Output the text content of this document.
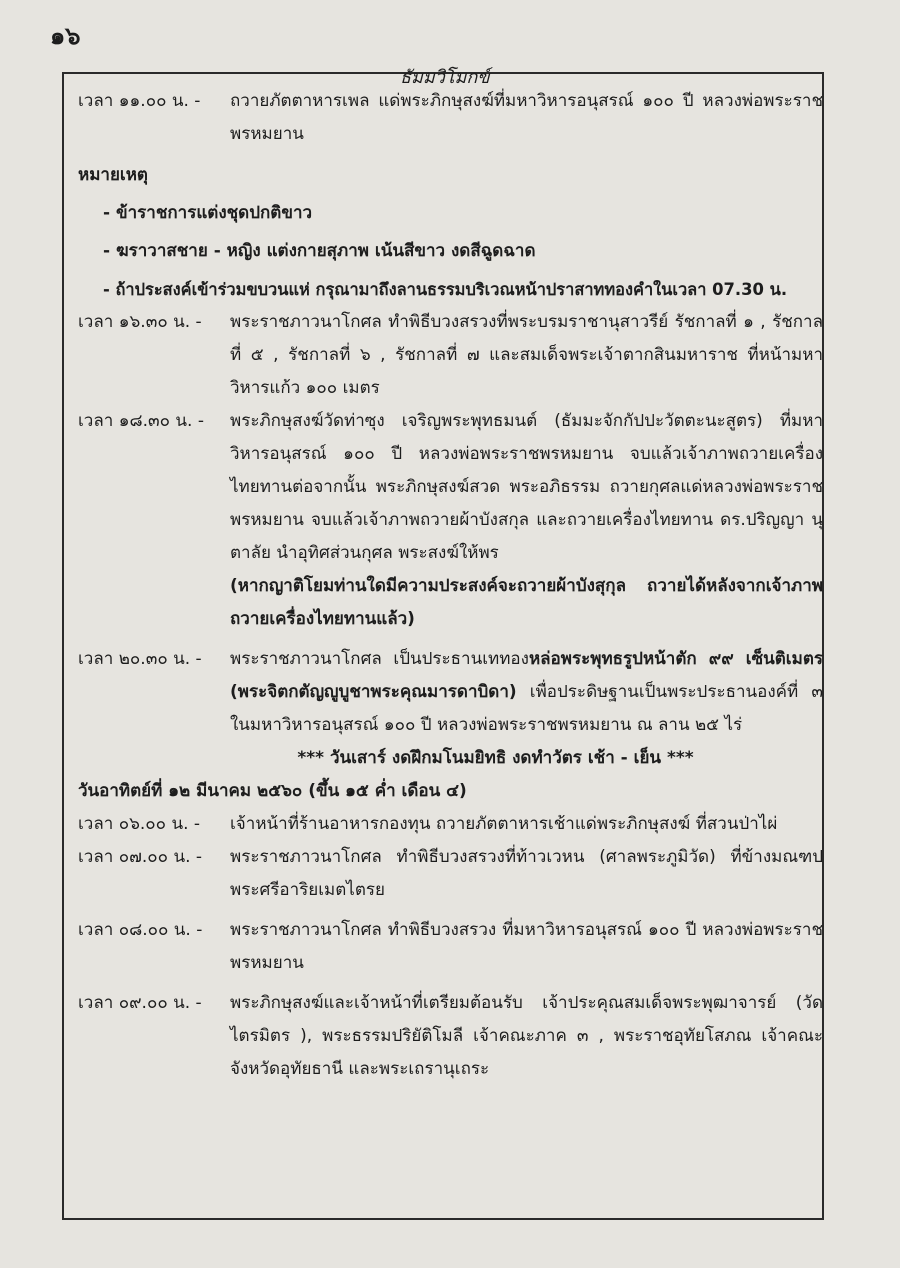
๑๖
ธัมมวิโมกข์
เวลา ๑๑.๐๐ น. -	ถวายภัตตาหารเพล แด่พระภิกษุสงฆ์ที่มหาวิหารอนุสรณ์ ๑๐๐ ปี หลวงพ่อพระราชพรหมยาน
หมายเหตุ
- ข้าราชการแต่งชุดปกติขาว
- ฆราวาสชาย - หญิง แต่งกายสุภาพ เน้นสีขาว งดสีฉูดฉาด
- ถ้าประสงค์เข้าร่วมขบวนแห่ กรุณามาถึงลานธรรมบริเวณหน้าปราสาททองคำในเวลา 07.30 น.
เวลา ๑๖.๓๐ น. -	พระราชภาวนาโกศล ทำพิธีบวงสรวงที่พระบรมราชานุสาวรีย์ รัชกาลที่ ๑ , รัชกาลที่ ๕ , รัชกาลที่ ๖ , รัชกาลที่ ๗ และสมเด็จพระเจ้าตากสินมหาราช ที่หน้ามหาวิหารแก้ว ๑๐๐ เมตร
เวลา ๑๘.๓๐ น. -	พระภิกษุสงฆ์วัดท่าซุง เจริญพระพุทธมนต์ (ธัมมะจักกัปปะวัตตะนะสูตร) ที่มหาวิหารอนุสรณ์ ๑๐๐ ปี หลวงพ่อพระราชพรหมยาน จบแล้วเจ้าภาพถวายเครื่องไทยทานต่อจากนั้น พระภิกษุสงฆ์สวด พระอภิธรรม ถวายกุศลแด่หลวงพ่อพระราชพรหมยาน จบแล้วเจ้าภาพถวายผ้าบังสกุล และถวายเครื่องไทยทาน ดร.ปริญญา นุตาลัย นำอุทิศส่วนกุศล พระสงฆ์ให้พร
(หากญาติโยมท่านใดมีความประสงค์จะถวายผ้าบังสุกุล ถวายได้หลังจากเจ้าภาพถวายเครื่องไทยทานแล้ว)
เวลา ๒๐.๓๐ น. -	พระราชภาวนาโกศล เป็นประธานเททองหล่อพระพุทธรูปหน้าตัก ๙๙ เซ็นติเมตร (พระจิตกตัญญูบูชาพระคุณมารดาบิดา) เพื่อประดิษฐานเป็นพระประธานองค์ที่ ๓ ในมหาวิหารอนุสรณ์ ๑๐๐ ปี หลวงพ่อพระราชพรหมยาน ณ ลาน ๒๕ ไร่
*** วันเสาร์ งดฝึกมโนมยิทธิ งดทำวัตร เช้า - เย็น ***
วันอาทิตย์ที่ ๑๒ มีนาคม ๒๕๖๐ (ขึ้น ๑๕ ค่ำ เดือน ๔)
เวลา ๐๖.๐๐ น. -	เจ้าหน้าที่ร้านอาหารกองทุน ถวายภัตตาหารเช้าแด่พระภิกษุสงฆ์ ที่สวนป่าไผ่
เวลา ๐๗.๐๐ น. -	พระราชภาวนาโกศล ทำพิธีบวงสรวงที่ท้าวเวหน (ศาลพระภูมิวัด) ที่ข้างมณฑปพระศรีอาริยเมตไตรย
เวลา ๐๘.๐๐ น. -	พระราชภาวนาโกศล ทำพิธีบวงสรวง ที่มหาวิหารอนุสรณ์ ๑๐๐ ปี หลวงพ่อพระราชพรหมยาน
เวลา ๐๙.๐๐ น. -	พระภิกษุสงฆ์และเจ้าหน้าที่เตรียมต้อนรับ เจ้าประคุณสมเด็จพระพุฒาจารย์ (วัดไตรมิตร ), พระธรรมปริยัติโมลี เจ้าคณะภาค ๓ , พระราชอุทัยโสภณ เจ้าคณะจังหวัดอุทัยธานี และพระเถรานุเถระ
